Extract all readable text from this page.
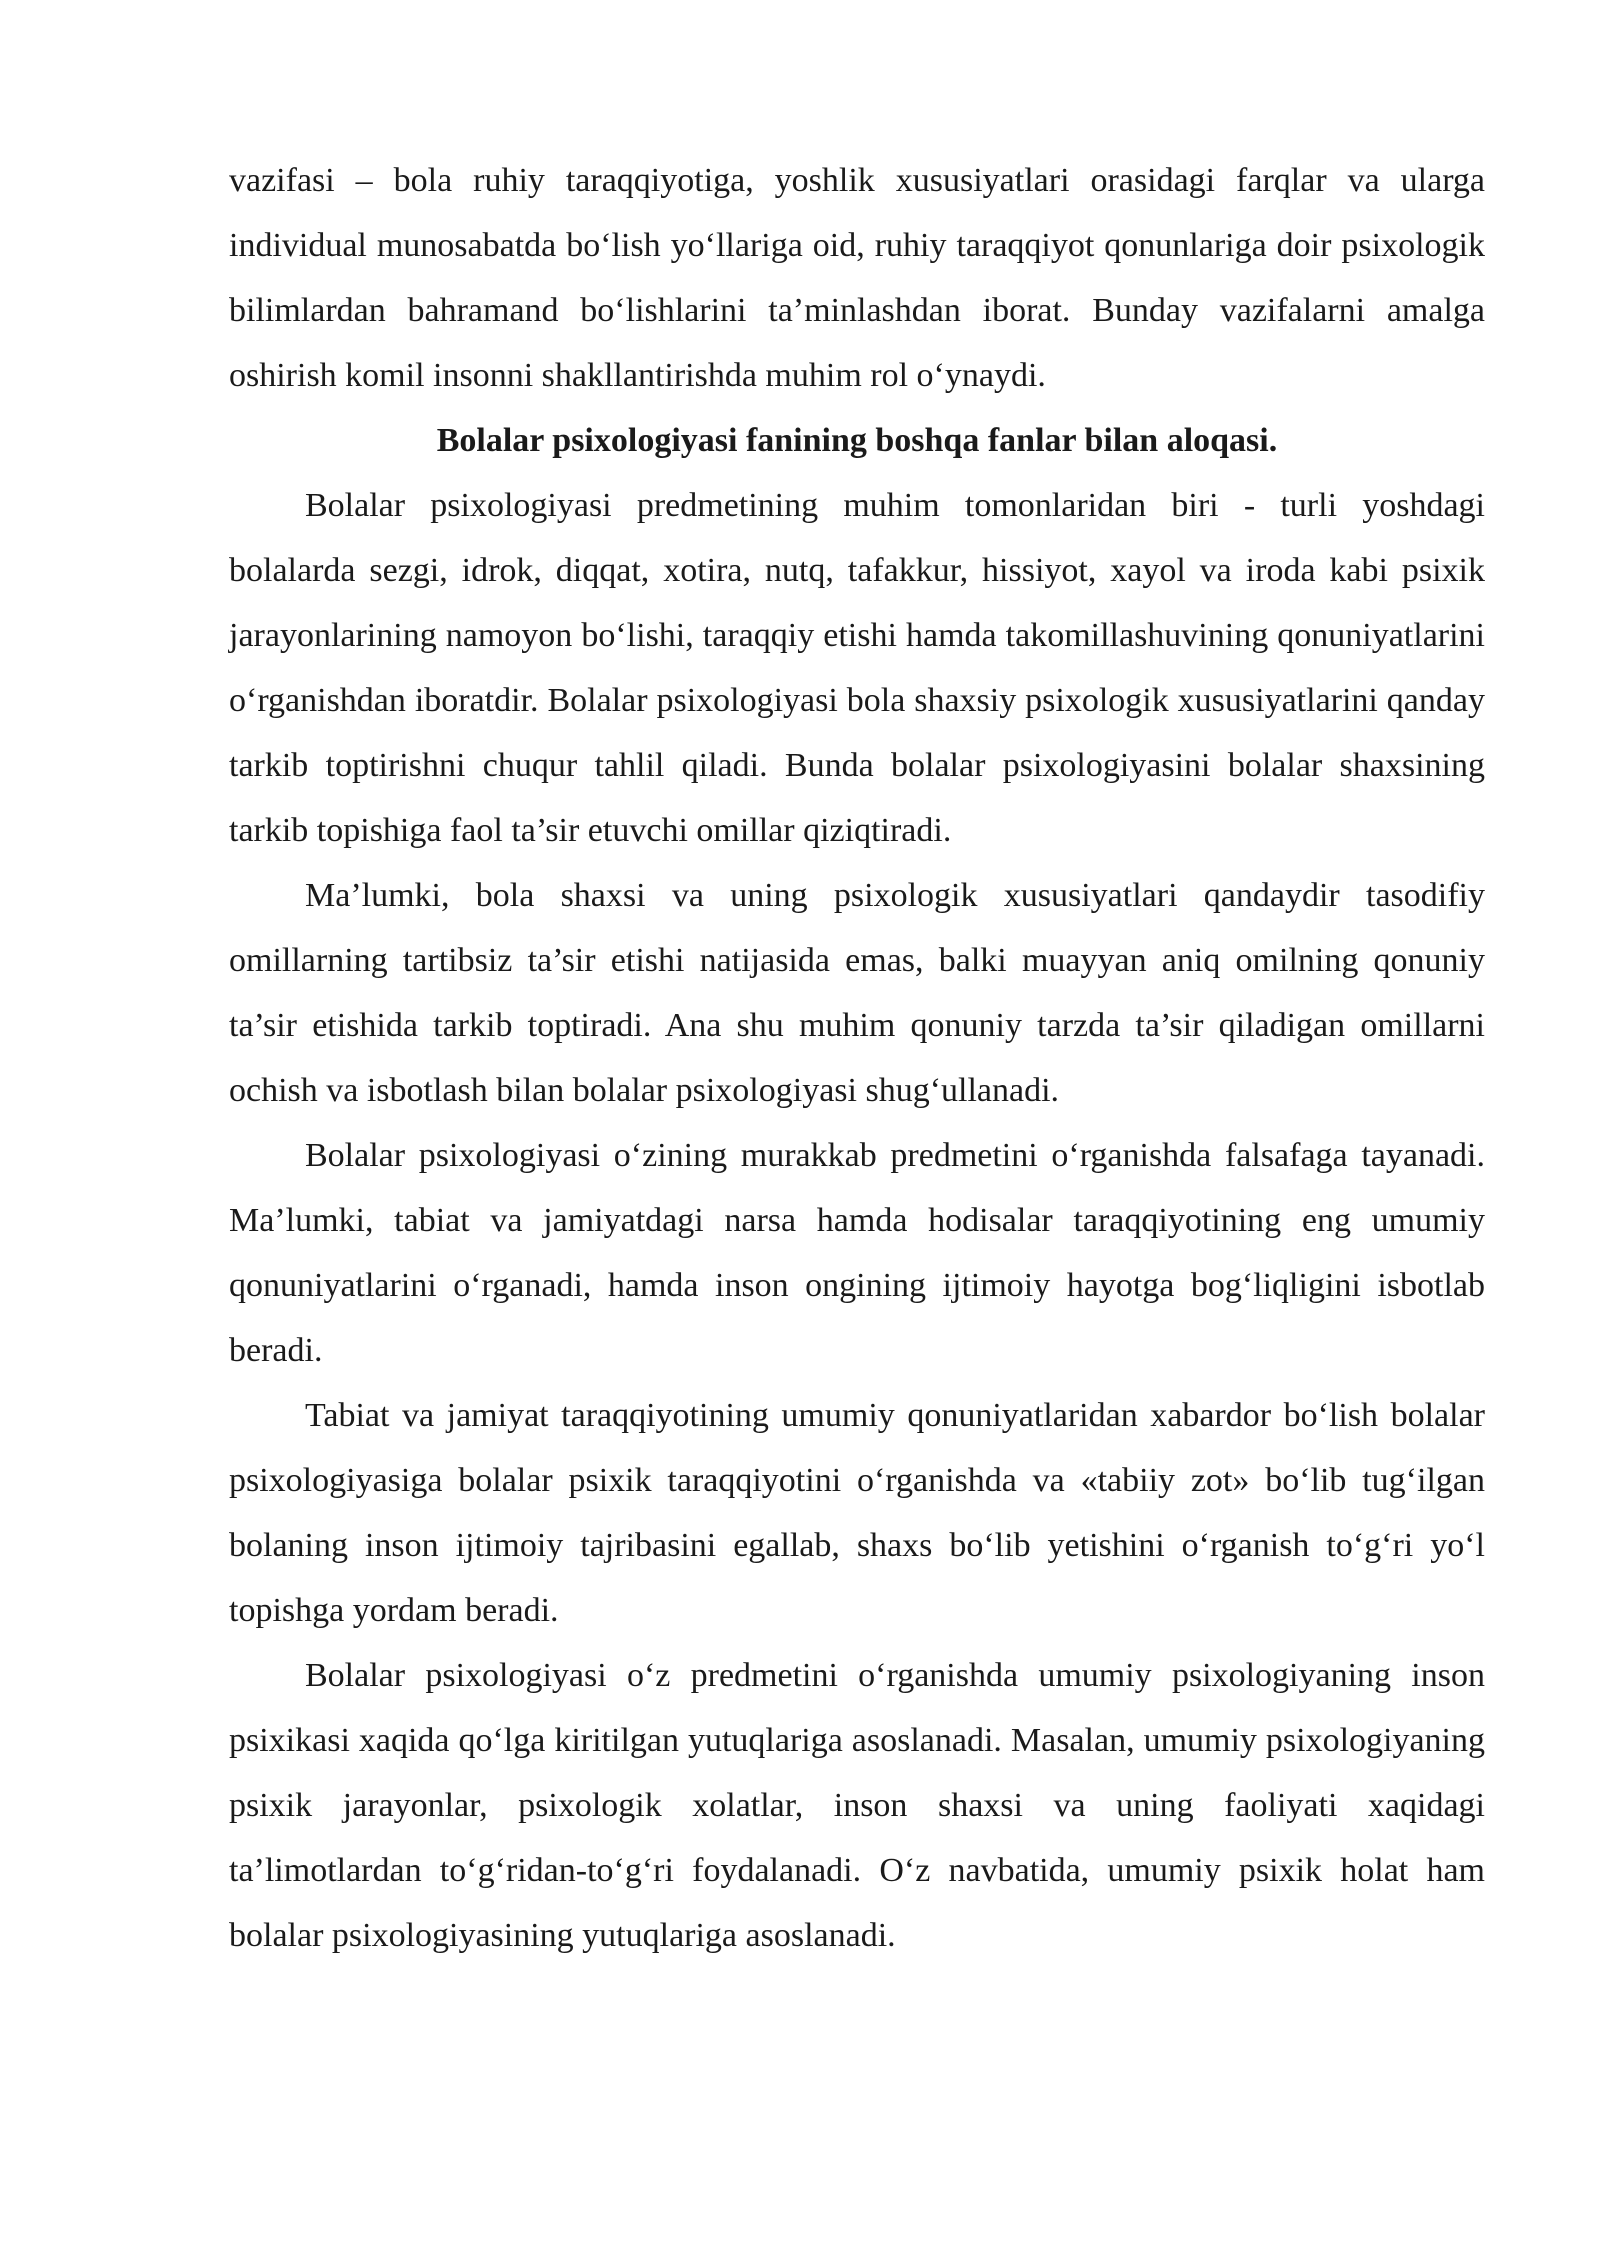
vazifasi – bola ruhiy taraqqiyotiga, yoshlik xususiyatlari orasidagi farqlar va ularga individual munosabatda bo‘lish yo‘llariga oid, ruhiy taraqqiyot qonunlariga doir psixologik bilimlardan bahramand bo‘lishlarini ta’minlashdan iborat. Bunday vazifalarni amalga oshirish komil insonni shakllantirishda muhim rol o‘ynaydi.

Bolalar psixologiyasi fanining boshqa fanlar bilan aloqasi.

Bolalar psixologiyasi predmetining muhim tomonlaridan biri - turli yoshdagi bolalarda sezgi, idrok, diqqat, xotira, nutq, tafakkur, hissiyot, xayol va iroda kabi psixik jarayonlarining namoyon bo‘lishi, taraqqiy etishi hamda takomillashuvining qonuniyatlarini o‘rganishdan iboratdir. Bolalar psixologiyasi bola shaxsiy psixologik xususiyatlarini qanday tarkib toptirishni chuqur tahlil qiladi. Bunda bolalar psixologiyasini bolalar shaxsining tarkib topishiga faol ta’sir etuvchi omillar qiziqtiradi.

Ma’lumki, bola shaxsi va uning psixologik xususiyatlari qandaydir tasodifiy omillarning tartibsiz ta’sir etishi natijasida emas, balki muayyan aniq omilning qonuniy ta’sir etishida tarkib toptiradi. Ana shu muhim qonuniy tarzda ta’sir qiladigan omillarni ochish va isbotlash bilan bolalar psixologiyasi shug‘ullanadi.

Bolalar psixologiyasi o‘zining murakkab predmetini o‘rganishda falsafaga tayanadi. Ma’lumki, tabiat va jamiyatdagi narsa hamda hodisalar taraqqiyotining eng umumiy qonuniyatlarini o‘rganadi, hamda inson ongining ijtimoiy hayotga bog‘liqligini isbotlab beradi.

Tabiat va jamiyat taraqqiyotining umumiy qonuniyatlaridan xabardor bo‘lish bolalar psixologiyasiga bolalar psixik taraqqiyotini o‘rganishda va «tabiiy zot» bo‘lib tug‘ilgan bolaning inson ijtimoiy tajribasini egallab, shaxs bo‘lib yetishini o‘rganish to‘g‘ri yo‘l topishga yordam beradi.

Bolalar psixologiyasi o‘z predmetini o‘rganishda umumiy psixologiyaning inson psixikasi xaqida qo‘lga kiritilgan yutuqlariga asoslanadi. Masalan, umumiy psixologiyaning psixik jarayonlar, psixologik xolatlar, inson shaxsi va uning faoliyati xaqidagi ta’limotlardan to‘g‘ridan-to‘g‘ri foydalanadi. O‘z navbatida, umumiy psixik holat ham bolalar psixologiyasining yutuqlariga asoslanadi.
